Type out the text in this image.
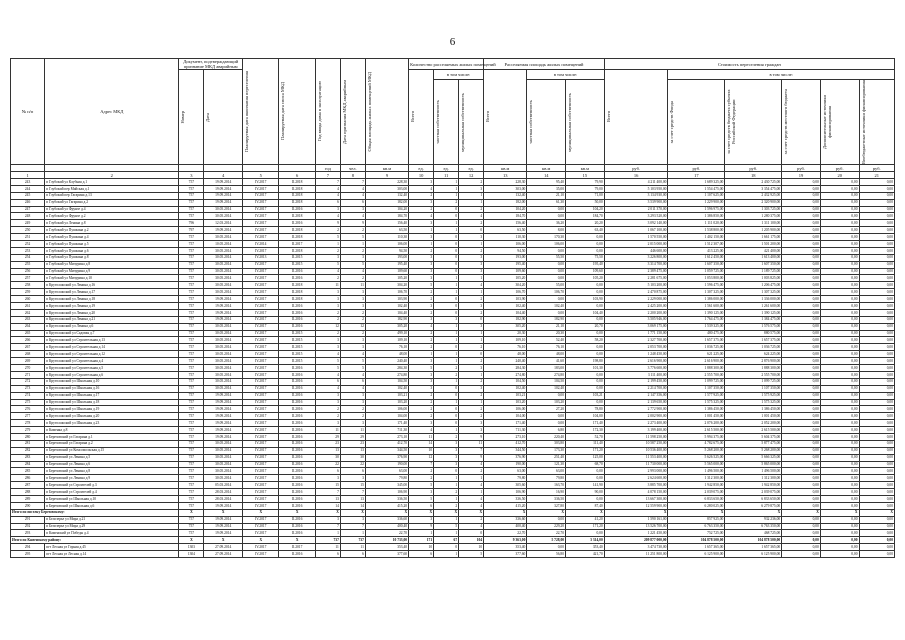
6
№ п/п	Адрес МКД	Документ, подтверждающий признание МКД аварийным		Планируемая дата окончания переселения	Планируемая дата сноса МКД	Год ввода дома в эксплуатацию	Дата признания МКД аварийным	Общая площадь жилых помещений МКД	Количество расселяемых жилых помещений			Расселяемая площадь жилых помещений			Стоимость переселения граждан					

		Номер	Дата						Всего	в том числе:		Всего	в том числе:		Всего	в том числе:				

										частная собственность	муниципальная собственность		частная собственность	муниципальная собственность		за счет средств Фонда	за счет средств бюджета субъекта Российской Федерации	за счет средств местного бюджета	Дополнительные источники финансирования	Внебюджетные источники финансирования

						год	чел.	кв.м	ед.	ед.	ед.	кв.м	кв.м	кв.м	руб.	руб.	руб.	руб.	руб.	руб.
1	2	3	4	5	6	7	8	9	10	11	12	13	14	15	16	17	18	19	20	21
243	п Глубокий ул Клубная д.1	757	19.09.2014	IV.2017	II.2018	7	7	228,30	3	1	2	228,30	95,40	79,90	4 211 400,00	1 689 325,00	2 430 725,00	0,00	0,00	0,00
244	п Глубокий пер Майская д.1	757	19.09.2014	IV.2017	II.2018	4	4	303,00	4	1	3	303,00	35,00	79,00	5 103 950,00	1 554 475,00	3 354 475,00	0,00	0,00	0,00
245	п Глубокий пер Гагарина д.13	757	19.09.2014	IV.2017	II.2018	4	4	132,40	2	1	1	132,40	21,10	71,00	3 134 930,00	1 107 625,00	2 432 925,00	0,00	0,00	0,00
246	п Глубокий ул Гагарина д.2	757	19.09.2014	IV.2017	II.2018	6	6	182,00	3	2	1	182,00	61,30	50,00	3 539 900,00	1 229 900,00	2 320 900,00	0,00	0,00	0,00
247	п Глубокий ул Фрунзе д.4	757	30.05.2014	IV.2017	II.2016	3	3	104,20	2	0	2	104,20	0,00	104,20	2 011 370,00	1 596 975,00	1 303 725,00	0,00	0,00	0,00
248	п Глубокий ул Фрунзе д.2	757	30.05.2014	IV.2017	II.2018	4	4	184,70	4	0	4	184,70	0,00	184,70	3 293 520,00	1 386 850,00	1 280 375,00	0,00	0,00	0,00
249	п Глубокий ул Ленина д.8	796	12.03.2014	IV.2017	II.2016	9	9	156,40	3	1	2	156,40	36,20	20,20	3 092 140,00	1 111 020,00	1 311 100,00	0,00	0,00	0,00
250	п Глубокий ул Пушкина д.2	797	19.09.2014	IV.2017	II.2018	2	2	63,50	1	1	0	63,50	8,00	63,40	1 067 100,00	1 538 800,00	1 205 900,00	0,00	0,00	0,00
251	п Глубокий ул Пушкина д.4	757	30.05.2014	IV.2017	II.2018	5	5	110,30	3	0	3	110,30	170,30	0,00	1 570 550,00	1 402 150,00	1 661 175,00	0,00	0,00	0,00
252	п Глубокий ул Пушкина д.5	757	10.05.2014	IV.2014	II.2017	1	1	106,00	1	0	1	106,00	106,00	0,00	2 015 000,00	1 512 307,00	1 501 200,00	0,00	0,00	0,00
253	п Глубокий ул Пушкина д.6	757	30.05.2014	IV.2017	II.2018	2	2	94,50	2	0	2	94,50	0,00	0,00	446 600,00	413 225,00	421 400,00	0,00	0,00	0,00
254	п Глубокий ул Пушкина д.8	757	30.05.2014	IV.2013	II.2015	3	3	193,00	3	0	3	193,00	55,50	75,50	3 226 800,00	1 612 450,00	1 613 400,00	0,00	0,00	0,00
255	п Глубокий ул Мичурина д.8	757	30.05.2014	IV.2017	II.2015	5	5	195,40	3	0	3	195,40	0,00	195,40	3 314 700,00	1 607 350,00	1 607 350,00	0,00	0,00	0,00
256	п Глубокий ул Мичурина д.9	757	30.05.2014	IV.2017	II.2016	4	4	109,60	3	0	3	109,60	0,00	109,60	2 389 475,00	1 059 725,00	1 189 725,00	0,00	0,00	0,00
257	п Глубокий ул Мичурина д.10	757	30.05.2014	IV.2017	II.2016	2	2	105,20	3	1	1	105,20	0,00	105,20	2 281 675,00	1 053 800,00	1 003 825,00	0,00	0,00	0,00
258	п Крутоложский ул Ленина д.16	757	30.05.2014	IV.2017	II.2018	11	11	304,20	5	1	4	304,20	55,00	0,00	5 103 200,00	1 596 475,00	1 206 475,00	0,00	0,00	0,00
259	п Крутоложский ул Ленина д.17	757	30.05.2014	IV.2017	II.2018	3	3	106,70	2	1	1	106,70	106,70	0,00	2 470 875,00	1 307 325,00	1 307 325,00	0,00	0,00	0,00
260	п Крутоложский ул Ленина д.18	757	19.09.2014	IV.2017	II.2018	3	3	103,90	2	0	2	103,90	0,00	103,90	2 229 000,00	1 386 000,00	1 336 000,00	0,00	0,00	0,00
261	п Крутоложский ул Ленина д.19	757	19.09.2014	IV.2017	II.2016	3	3	102,40	3	0	3	102,40	102,40	0,00	2 425 200,00	1 561 600,00	1 261 600,00	0,00	0,00	0,00
262	п Крутоложский ул Ленина д.20	757	19.09.2014	IV.2017	II.2016	2	2	104,40	2	0	2	104,40	0,00	104,40	2 200 200,00	1 390 125,00	1 390 125,00	0,00	0,00	0,00
263	п Крутоложский ул Ленина д.21	757	19.09.2014	IV.2017	II.2016	2	2	182,90	3	3	0	182,90	182,90	0,00	3 505 946,00	1 764 475,00	1 384 475,00	0,00	0,00	0,00
264	п Крутоложский ул Ленина д.6	757	30.05.2014	IV.2017	II.2016	12	12	305,20	4	1	3	305,20	21,10	20,70	3 069 175,00	1 539 325,00	1 576 575,00	0,00	0,00	0,00
265	п Крутоложский ул Садовая д.7	757	30.05.2014	IV.2017	II.2015	2	2	499,10	2	1	1	20,30	20,30	0,00	1 771 150,00	480 475,00	880 575,00	0,00	0,00	0,00
266	п Крутоложский ул Строительная д.13	757	30.05.2014	IV.2017	II.2015	3	3	109,10	2	1	1	109,10	52,40	58,20	2 327 700,00	1 657 375,00	1 657 375,00	0,00	0,00	0,00
267	п Крутоложский ул Строительная д.14	757	30.05.2014	IV.2017	II.2015	3	3	76,10	2	0	2	76,10	76,10	0,00	2 053 700,00	1 036 725,00	1 036 725,00	0,00	0,00	0,00
268	п Крутоложский ул Строительная д.12	757	30.05.2014	IV.2017	II.2015	4	4	48,00	1	1	0	48,00	48,00	0,00	1 248 450,00	621 225,00	624 225,00	0,00	0,00	0,00
269	п Крутоложский ул Строительная д.4	757	30.05.2014	IV.2017	II.2015	5	5	240,40	3	1	2	240,40	41,60	198,80	2 616 900,00	2 616 900,00	2 876 900,00	0,00	0,00	0,00
270	п Крутоложский ул Строительная д.5	757	30.05.2014	IV.2017	II.2016	5	5	284,30	5	2	3	284,30	183,00	101,30	3 776 600,00	1 888 300,00	1 888 300,00	0,00	0,00	0,00
271	п Крутоложский ул Строительная д.6	757	30.05.2014	IV.2017	II.2016	4	4	274,80	3	2	1	274,80	274,80	0,00	3 111 400,00	2 555 700,00	2 555 700,00	0,00	0,00	0,00
272	п Крутоложский ул Школьная д.10	757	30.05.2014	IV.2017	II.2016	6	6	104,50	3	1	2	104,50	104,50	0,00	2 199 450,00	1 099 725,00	1 099 725,00	0,00	0,00	0,00
273	п Крутоложский ул Школьная д.16	757	30.05.2014	IV.2017	II.2016	4	4	102,40	3	0	3	102,40	102,40	0,00	2 214 700,00	1 107 350,00	1 107 350,00	0,00	0,00	0,00
274	п Крутоложский ул Школьная д.17	757	19.09.2014	IV.2017	II.2016	3	3	103,21	2	0	2	103,21	0,00	103,21	2 147 356,00	1 577 925,00	1 575 925,00	0,00	0,00	0,00
275	п Крутоложский ул Школьная д.18	757	19.09.2014	IV.2017	II.2016	3	3	103,20	2	1	1	103,20	103,20	0,00	2 139 650,00	1 575 325,00	1 575 325,00	0,00	0,00	0,00
276	п Крутоложский ул Школьная д.19	757	19.09.2014	IV.2017	II.2016	2	2	106,00	2	0	2	106,00	27,20	78,80	2 772 900,00	1 386 450,00	1 386 450,00	0,00	0,00	0,00
277	п Крутоложский ул Школьная д.20	757	19.09.2014	IV.2017	II.2016	2	2	104,00	2	0	2	104,00	0,00	104,00	2 002 900,00	1 001 450,00	1 001 450,00	0,00	0,00	0,00
278	п Крутоложский ул Школьная д.23	757	19.09.2014	IV.2017	II.2016	3	3	171,40	3	0	3	171,40	0,00	171,40	2 273 400,00	2 076 200,00	2 052 200,00	0,00	0,00	0,00
279	п Каменка д.8	757	19.09.2014	IV.2017	II.2016	11	11	711,30	4	1	3	711,30	6,80	172,30	3 199 400,00	2 615 500,00	2 615 500,00	0,00	0,00	0,00
280	п Березовский ул Гагарина д.1	757	19.09.2014	IV.2017	II.2016	29	29	273,10	11	2	9	273,10	220,40	52,70	11 598 250,00	5 994 375,00	5 604 375,00	0,00	0,00	0,00
281	п Березовский ул Гагарина д.2	757	30.05.2014	IV.2017	II.2016	23	23	412,70	14	3	11	412,70	303,80	111,40	10 587 250,00	4 782 675,00	5 877 475,00	0,00	0,00	0,00
282	п Березовский ул Комсомольская д.15	757	30.05.2014	IV.2017	II.2016	13	13	344,50	10	3	7	344,50	173,30	171,20	10 536 400,00	5 268 200,00	5 268 200,00	0,00	0,00	0,00
283	п Березовский ул Ленина д.5	757	30.05.2014	IV.2017	II.2016	30	30	376,90	12	3	9	376,90	251,40	125,00	11 553 400,00	5 626 525,00	5 666 325,00	0,00	0,00	0,00
284	п Березовский ул Ленина д.6	757	30.05.2014	IV.2017	II.2016	22	22	190,00	7	3	4	190,00	121,30	68,70	11 730 000,00	5 565 000,00	5 865 000,00	0,00	0,00	0,00
285	п Березовский ул Ленина д.8	757	30.05.2014	IV.2017	II.2016	6	6	63,00	2	0	2	63,00	63,00	0,00	2 993 000,00	1 496 500,00	1 496 500,00	0,00	0,00	0,00
286	п Березовский ул Ленина д.9	757	30.05.2014	IV.2017	II.2016	3	3	79,80	2	1	1	79,80	79,80	0,00	2 624 600,00	1 312 300,00	1 312 300,00	0,00	0,00	0,00
287	п Березовский ул Строителей д.3	757	05.03.2014	IV.2017	II.2016	15	15	345,00	5	1	4	305,60	163,70	141,90	3 885 700,00	1 942 850,00	1 942 850,00	0,00	0,00	0,00
288	п Березовский ул Строителей д.4	757	28.03.2014	IV.2017	II.2016	7	7	106,90	3	2	1	106,90	16,90	90,00	4 078 150,00	2 039 075,00	2 039 075,00	0,00	0,00	0,00
289	п Березовский ул Школьная д.10	757	28.03.2014	IV.2017	II.2016	13	13	336,50	5	1	4	336,50	336,50	0,00	13 667 300,00	6 833 650,00	6 833 650,00	0,00	0,00	0,00
290	п Березовский ул Школьная д.6	757	19.09.2014	IV.2017	II.2016	14	14	415,20	6	2	4	415,20	327,80	87,40	12 559 900,00	6 280 025,00	6 279 875,00	0,00	0,00	0,00
Итого по поселку Березовскому:		X	X	X	X	X	X	X	X	X	X	X	X	X	X	X	X	X	X	X
291	п Белозерье ул Мира д.21	757	19.09.2014	IV.2017	II.2016	3	3	336,60	3	1	2	336,60	0,00	41,20	1 590 161,00	857 925,00	932 236,00	0,00	0,00	0,00
292	п Белозерье ул Мира д.29	757	19.09.2014	IV.2017	II.2016	7	7	400,40	9	5	4	400,40	229,20	171,20	13 526 700,00	6 763 350,00	6 763 350,00	0,00	0,00	0,00
293	п Каменский ул Победы д.4	757	19.09.2014	IV.2017	II.2016	1	1	22,70	1	1	0	22,70	22,70	0,00	1 221 450,00	752 725,00	468 725,00	0,00	0,00	0,00
Итого по Каменскому району:		X	X	X	X	737	737	10 733,00	171	67	104	9 363,00	5 728,00	3 314,00	209 877 000,00	104 878 500,00	104 878 500,00	0,00	0,00	0,00
294	пгт Лесная ул Горная д.45	1303	27.09.2014	IV.2017	II.2017	11	11	353,40	10	0	10	353,40	0,00	353,40	3 474 730,00	1 657 365,00	1 657 365,00	0,00	0,00	0,00
295	пгт Лесная ул Лесная д.14	1304	27.09.2014	IV.2017	II.2016	6	6	377,60	6	1	5	377,60	56,80	421,70	11 251 800,00	6 125 900,00	6 125 900,00	0,00	0,00	0,00
